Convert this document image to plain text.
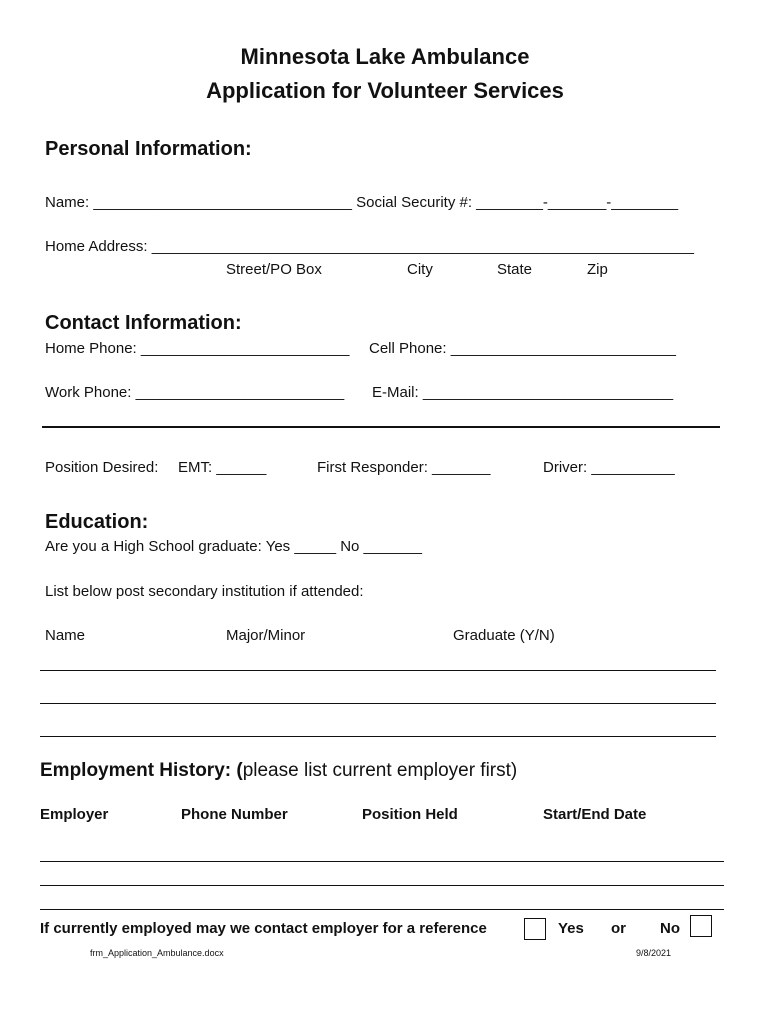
Minnesota Lake Ambulance
Application for Volunteer Services
Personal Information:
Name: _______________________________ Social Security #: ________-_______-________
Home Address: _________________________________________________________________
Street/PO Box	City	State	Zip
Contact Information:
Home Phone: _________________________ Cell Phone: ___________________________
Work Phone: _________________________ E-Mail: ______________________________
Position Desired: EMT: ______	First Responder: _______	Driver: __________
Education:
Are you a High School graduate: Yes _____ No _______
List below post secondary institution if attended:
Name	Major/Minor	Graduate (Y/N)
Employment History: (please list current employer first)
Employer	Phone Number	Position Held	Start/End Date
If currently employed may we contact employer for a reference	Yes or No
frm_Application_Ambulance.docx	9/8/2021
